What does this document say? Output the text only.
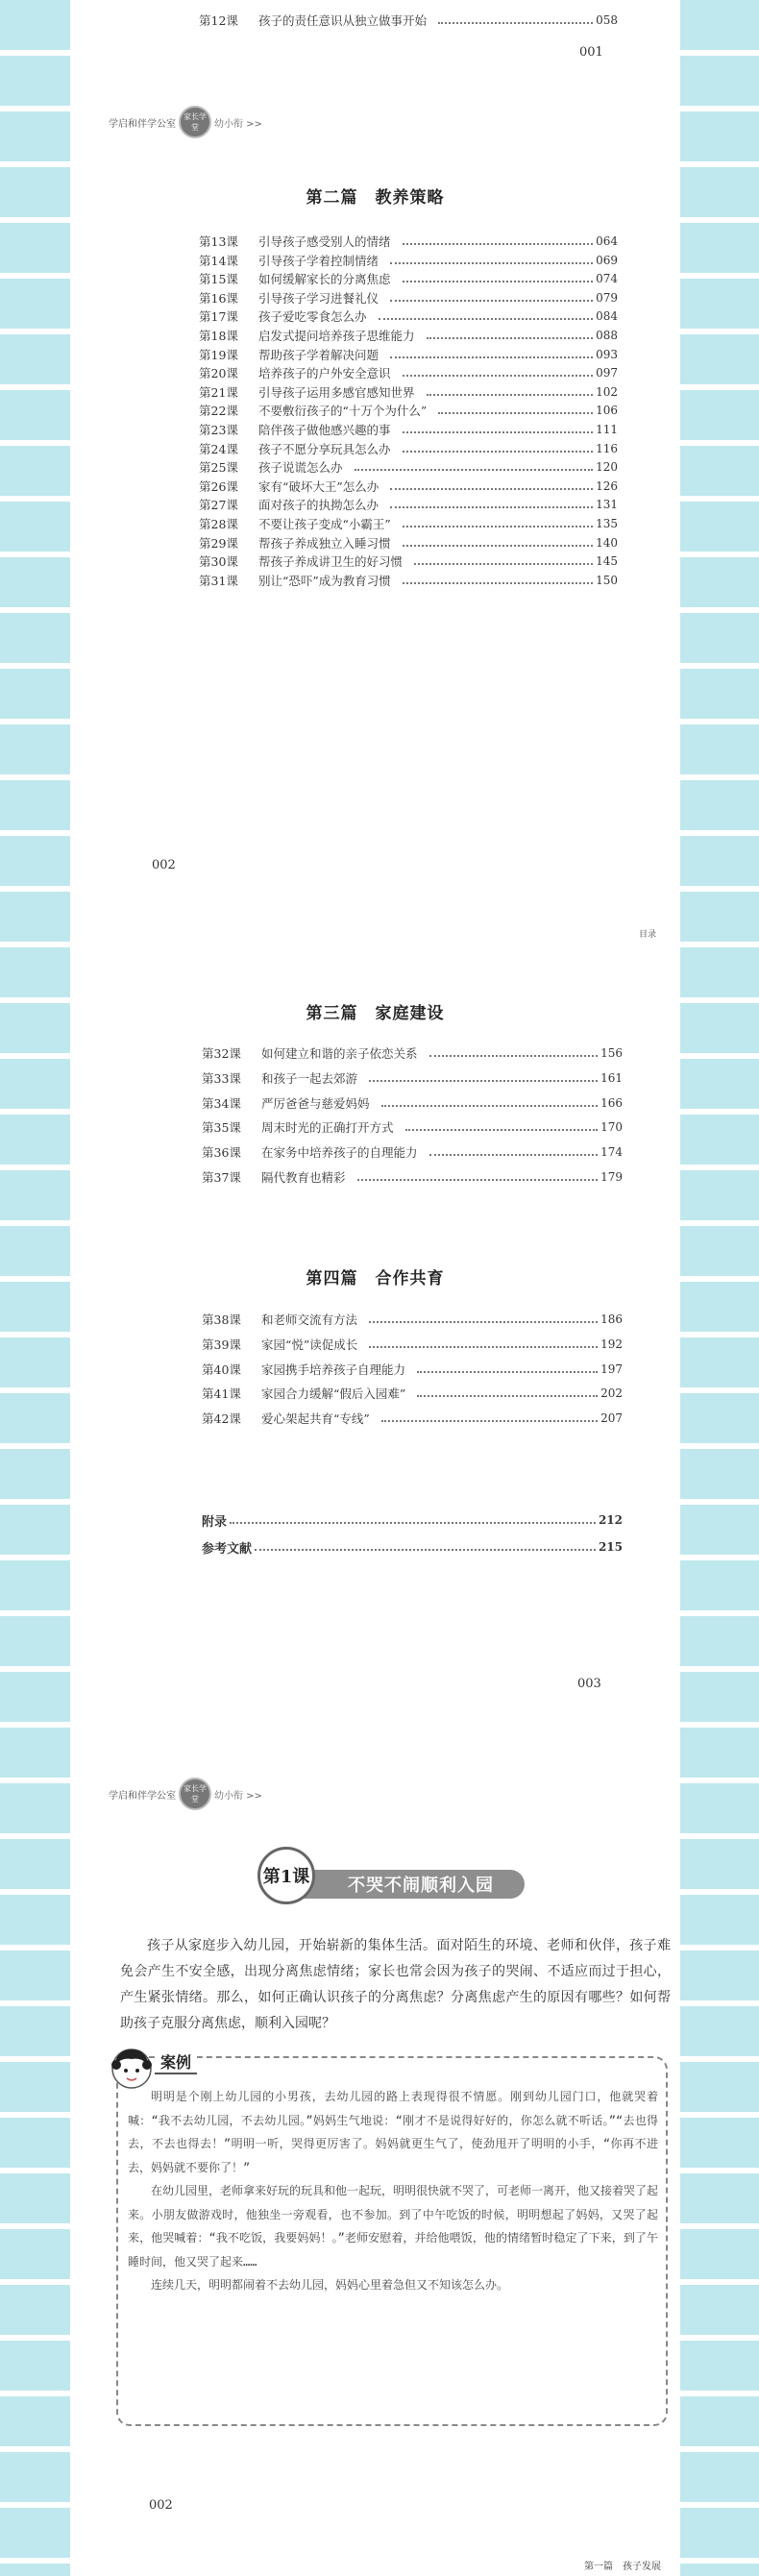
第12课	孩子的责任意识从独立做事开始	058
001
学启和伴学公室
家长学堂	幼小衔 >>
第二篇　教养策略
第13课	引导孩子感受别人的情绪	064
第14课	引导孩子学着控制情绪	069
第15课	如何缓解家长的分离焦虑	074
第16课	引导孩子学习进餐礼仪	079
第17课	孩子爱吃零食怎么办	084
第18课	启发式提问培养孩子思维能力	088
第19课	帮助孩子学着解决问题	093
第20课	培养孩子的户外安全意识	097
第21课	引导孩子运用多感官感知世界	102
第22课	不要敷衍孩子的“十万个为什么”	106
第23课	陪伴孩子做他感兴趣的事	111
第24课	孩子不愿分享玩具怎么办	116
第25课	孩子说谎怎么办	120
第26课	家有“破坏大王”怎么办	126
第27课	面对孩子的执拗怎么办	131
第28课	不要让孩子变成“小霸王”	135
第29课	帮孩子养成独立入睡习惯	140
第30课	帮孩子养成讲卫生的好习惯	145
第31课	别让“恐吓”成为教育习惯	150
002
目录
第三篇　家庭建设
第32课	如何建立和谐的亲子依恋关系	156
第33课	和孩子一起去郊游	161
第34课	严厉爸爸与慈爱妈妈	166
第35课	周末时光的正确打开方式	170
第36课	在家务中培养孩子的自理能力	174
第37课	隔代教育也精彩	179
第四篇　合作共育
第38课	和老师交流有方法	186
第39课	家园“悦”读促成长	192
第40课	家园携手培养孩子自理能力	197
第41课	家园合力缓解“假后入园难”	202
第42课	爱心架起共育“专线”	207
附录	212
参考文献	215
003
学启和伴学公室
家长学堂	幼小衔 >>
第1课	不哭不闹顺利入园

孩子从家庭步入幼儿园，开始崭新的集体生活。面对陌生的环境、老师和伙伴，孩子难免会产生不安全感，出现分离焦虑情绪；家长也常会因为孩子的哭闹、不适应而过于担心，产生紧张情绪。那么，如何正确认识孩子的分离焦虑？分离焦虑产生的原因有哪些？如何帮助孩子克服分离焦虑，顺利入园呢？

案例

明明是个刚上幼儿园的小男孩，去幼儿园的路上表现得很不情愿。刚到幼儿园门口，他就哭着喊：“我不去幼儿园，不去幼儿园。”妈妈生气地说：“刚才不是说得好好的，你怎么就不听话。”“去也得去，不去也得去！”明明一听，哭得更厉害了。妈妈就更生气了，使劲甩开了明明的小手，“你再不进去，妈妈就不要你了！”

在幼儿园里，老师拿来好玩的玩具和他一起玩，明明很快就不哭了，可老师一离开，他又接着哭了起来。小朋友做游戏时，他独坐一旁观看，也不参加。到了中午吃饭的时候，明明想起了妈妈，又哭了起来，他哭喊着：“我不吃饭，我要妈妈！。”老师安慰着，并给他喂饭，他的情绪暂时稳定了下来，到了午睡时间，他又哭了起来……

连续几天，明明都闹着不去幼儿园，妈妈心里着急但又不知该怎么办。

002
第一篇　孩子发展
